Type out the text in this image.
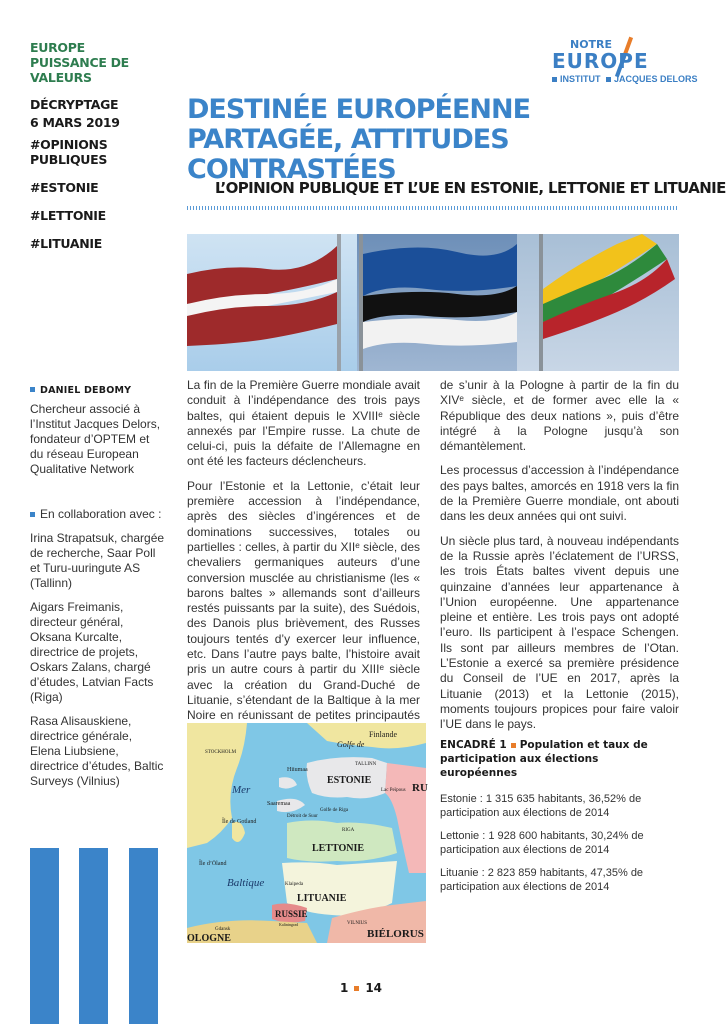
EUROPE PUISSANCE DE VALEURS
DÉCRYPTAGE
6 MARS 2019
#OPINIONS PUBLIQUES
#ESTONIE
#LETTONIE
#LITUANIE
NOTRE
EUROPE
INSTITUT JACQUES DELORS
DESTINÉE EUROPÉENNE PARTAGÉE, ATTITUDES CONTRASTÉES
L’OPINION PUBLIQUE ET L’UE EN ESTONIE, LETTONIE ET LITUANIE
DANIEL DEBOMY
Chercheur associé à l’Institut Jacques Delors, fondateur d’OPTEM et du réseau European Qualitative Network
En collaboration avec :
Irina Strapatsuk, chargée de recherche, Saar Poll et Turu-uuringute AS (Tallinn)
Aigars Freimanis, directeur général, Oksana Kurcalte, directrice de projets, Oskars Zalans, chargé d’études, Latvian Facts (Riga)
Rasa Alisauskiene, directrice générale, Elena Liubsiene, directrice d’études, Baltic Surveys (Vilnius)

La fin de la Première Guerre mondiale avait conduit à l’indépendance des trois pays baltes, qui étaient depuis le XVIIIᵉ siècle annexés par l’Empire russe. La chute de celui-ci, puis la défaite de l’Allemagne en ont été les facteurs déclencheurs.

Pour l’Estonie et la Lettonie, c’était leur première accession à l’indépendance, après des siècles d’ingérences et de dominations successives, totales ou partielles : celles, à partir du XIIᵉ siècle, des chevaliers germaniques auteurs d’une conversion musclée au christianisme (les « barons baltes » allemands sont d’ailleurs restés puissants par la suite), des Suédois, des Danois plus brièvement, des Russes toujours tentés d’y exercer leur influence, etc. Dans l’autre pays balte, l’histoire avait pris un autre cours à partir du XIIIᵉ siècle avec la création du Grand-Duché de Lituanie, s’étendant de la Baltique à la mer Noire en réunissant de petites principautés

de s’unir à la Pologne à partir de la fin du XIVᵉ siècle, et de former avec elle la « République des deux nations », puis d’être intégré à la Pologne jusqu’à son démantèlement.

Les processus d’accession à l’indépendance des pays baltes, amorcés en 1918 vers la fin de la Première Guerre mondiale, ont abouti dans les deux années qui ont suivi.

Un siècle plus tard, à nouveau indépendants de la Russie après l’éclatement de l’URSS, les trois États baltes vivent depuis une quinzaine d’années leur appartenance à l’Union européenne. Une appartenance pleine et entière. Les trois pays ont adopté l’euro. Ils participent à l’espace Schengen. Ils sont par ailleurs membres de l’Otan. L’Estonie a exercé sa première présidence du Conseil de l’UE en 2017, après la Lituanie (2013) et la Lettonie (2015), moments toujours propices pour faire valoir l’UE dans le pays.

Finlande
Golfe de
STOCKHOLM
TALLINN
Hiiumaa
ESTONIE
Lac Peïpous
Mer
Saaremaa
Golfe de Riga
Détroit de Suur
Île de Gotland
RIGA
LETTONIE
Île d’Öland
Baltique	Klaipeda
LITUANIE
RUSSIE
Kaliningrad
Gdansk
VILNIUS
BIÉLORUS
OLOGNE
RU
ENCADRÉ 1 Population et taux de participation aux élections européennes
Estonie : 1 315 635 habitants, 36,52% de participation aux élections de 2014
Lettonie : 1 928 600 habitants, 30,24% de participation aux élections de 2014
Lituanie : 2 823 859 habitants, 47,35% de participation aux élections de 2014
1 14
